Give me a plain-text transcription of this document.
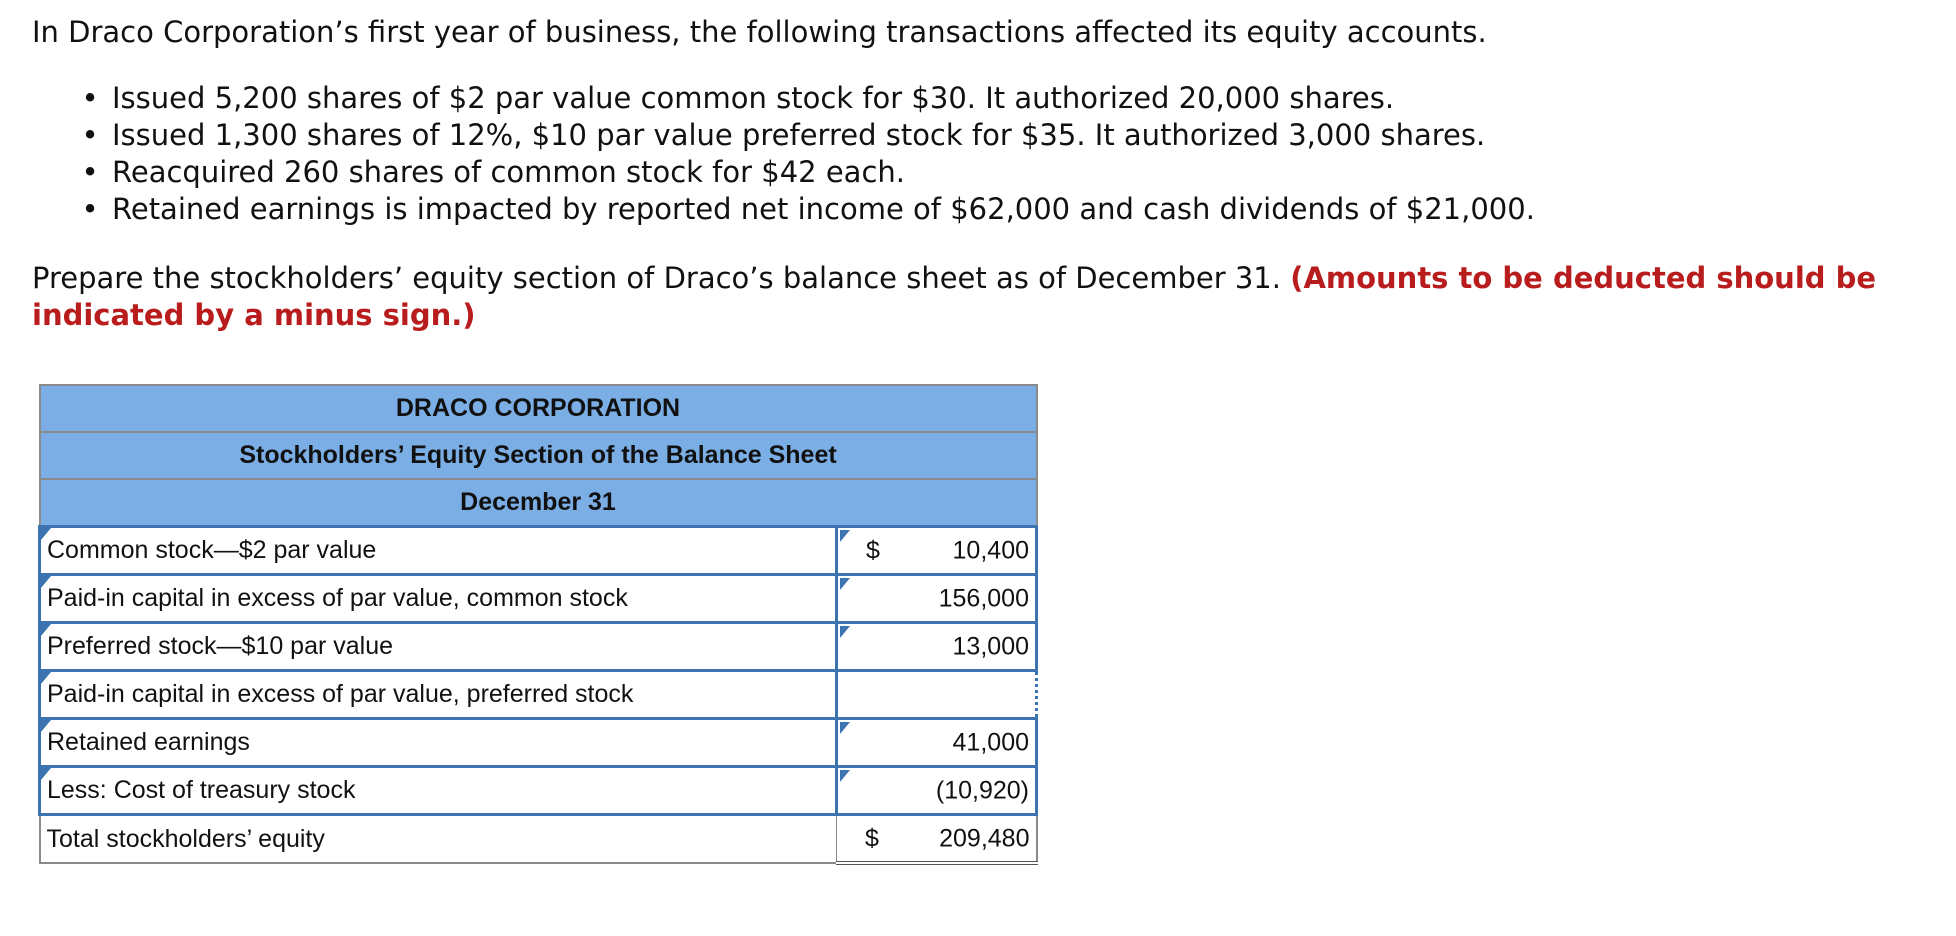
In Draco Corporation’s first year of business, the following transactions affected its equity accounts.

• Issued 5,200 shares of $2 par value common stock for $30. It authorized 20,000 shares.
• Issued 1,300 shares of 12%, $10 par value preferred stock for $35. It authorized 3,000 shares.
• Reacquired 260 shares of common stock for $42 each.
• Retained earnings is impacted by reported net income of $62,000 and cash dividends of $21,000.

Prepare the stockholders’ equity section of Draco’s balance sheet as of December 31. (Amounts to be deducted should be indicated by a minus sign.)

DRACO CORPORATION	
Stockholders’ Equity Section of the Balance Sheet	
December 31	

Common stock—$2 par value	$ 10,400

Paid-in capital in excess of par value, common stock	156,000

Preferred stock—$10 par value	13,000

Paid-in capital in excess of par value, preferred stock	

Retained earnings	41,000

Less: Cost of treasury stock	(10,920)

Total stockholders’ equity	$ 209,480
